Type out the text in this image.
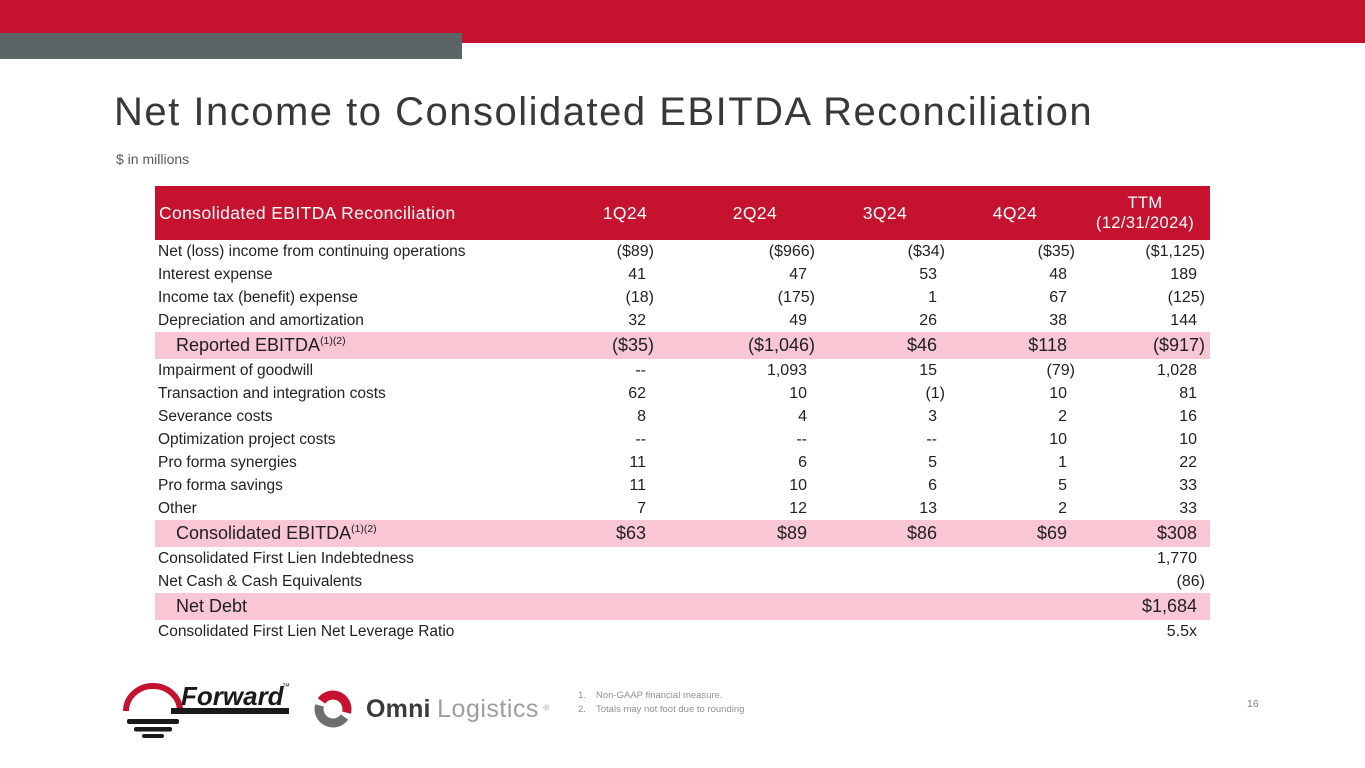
Net Income to Consolidated EBITDA Reconciliation
$ in millions
Consolidated EBITDA Reconciliation	1Q24	2Q24	3Q24	4Q24	TTM
(12/31/2024)

Net (loss) income from continuing operations	($89)	($966)	($34)	($35)	($1,125)
Interest expense	41	47	53	48	189
Income tax (benefit) expense	(18)	(175)	1	67	(125)
Depreciation and amortization	32	49	26	38	144
Reported $EBITDA^{(1)(2)}$	($35)	($1,046)	$46	$118	($917)
Impairment of goodwill	--	1,093	15	(79)	1,028
Transaction and integration costs	62	10	(1)	10	81
Severance costs	8	4	3	2	16
Optimization project costs	--	--	--	10	10
Pro forma synergies	11	6	5	1	22
Pro forma savings	11	10	6	5	33
Other	7	12	13	2	33
Consolidated $EBITDA^{(1)(2)}$	$63	$89	$86	$69	$308
Consolidated First Lien Indebtedness					1,770
Net Cash & Cash Equivalents					(86)
Net Debt					$1,684
Consolidated First Lien Net Leverage Ratio					5.5x
Forward
™
Omni Logistics ®
1. Non-GAAP financial measure.
2. Totals may not foot due to rounding	16
